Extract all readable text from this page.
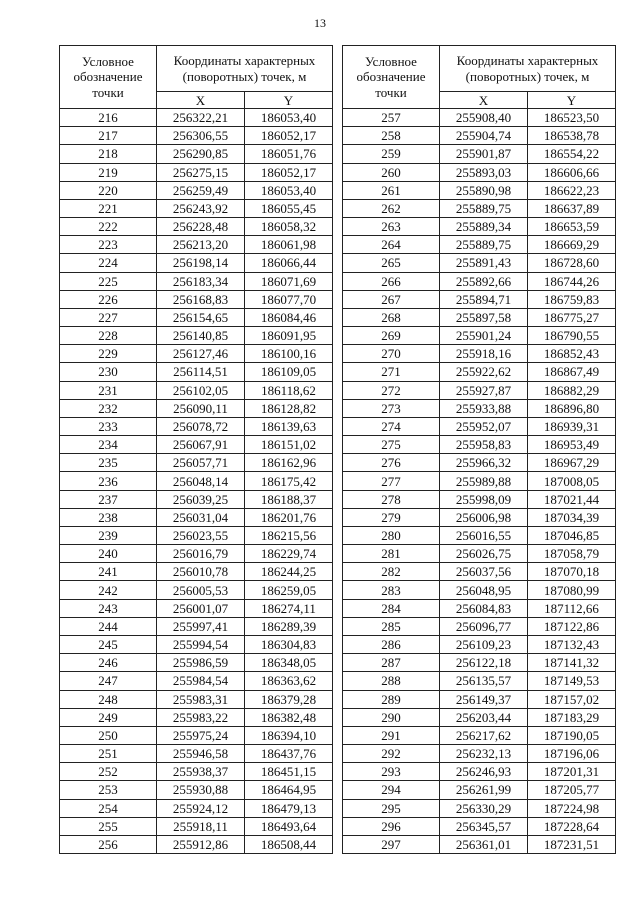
13
Условное обозначение точки	Координаты характерных (поворотных) точек, м	
	X	Y
216	256322,21	186053,40
217	256306,55	186052,17
218	256290,85	186051,76
219	256275,15	186052,17
220	256259,49	186053,40
221	256243,92	186055,45
222	256228,48	186058,32
223	256213,20	186061,98
224	256198,14	186066,44
225	256183,34	186071,69
226	256168,83	186077,70
227	256154,65	186084,46
228	256140,85	186091,95
229	256127,46	186100,16
230	256114,51	186109,05
231	256102,05	186118,62
232	256090,11	186128,82
233	256078,72	186139,63
234	256067,91	186151,02
235	256057,71	186162,96
236	256048,14	186175,42
237	256039,25	186188,37
238	256031,04	186201,76
239	256023,55	186215,56
240	256016,79	186229,74
241	256010,78	186244,25
242	256005,53	186259,05
243	256001,07	186274,11
244	255997,41	186289,39
245	255994,54	186304,83
246	255986,59	186348,05
247	255984,54	186363,62
248	255983,31	186379,28
249	255983,22	186382,48
250	255975,24	186394,10
251	255946,58	186437,76
252	255938,37	186451,15
253	255930,88	186464,95
254	255924,12	186479,13
255	255918,11	186493,64
256	255912,86	186508,44
Условное обозначение точки	Координаты характерных (поворотных) точек, м	
	X	Y
257	255908,40	186523,50
258	255904,74	186538,78
259	255901,87	186554,22
260	255893,03	186606,66
261	255890,98	186622,23
262	255889,75	186637,89
263	255889,34	186653,59
264	255889,75	186669,29
265	255891,43	186728,60
266	255892,66	186744,26
267	255894,71	186759,83
268	255897,58	186775,27
269	255901,24	186790,55
270	255918,16	186852,43
271	255922,62	186867,49
272	255927,87	186882,29
273	255933,88	186896,80
274	255952,07	186939,31
275	255958,83	186953,49
276	255966,32	186967,29
277	255989,88	187008,05
278	255998,09	187021,44
279	256006,98	187034,39
280	256016,55	187046,85
281	256026,75	187058,79
282	256037,56	187070,18
283	256048,95	187080,99
284	256084,83	187112,66
285	256096,77	187122,86
286	256109,23	187132,43
287	256122,18	187141,32
288	256135,57	187149,53
289	256149,37	187157,02
290	256203,44	187183,29
291	256217,62	187190,05
292	256232,13	187196,06
293	256246,93	187201,31
294	256261,99	187205,77
295	256330,29	187224,98
296	256345,57	187228,64
297	256361,01	187231,51
